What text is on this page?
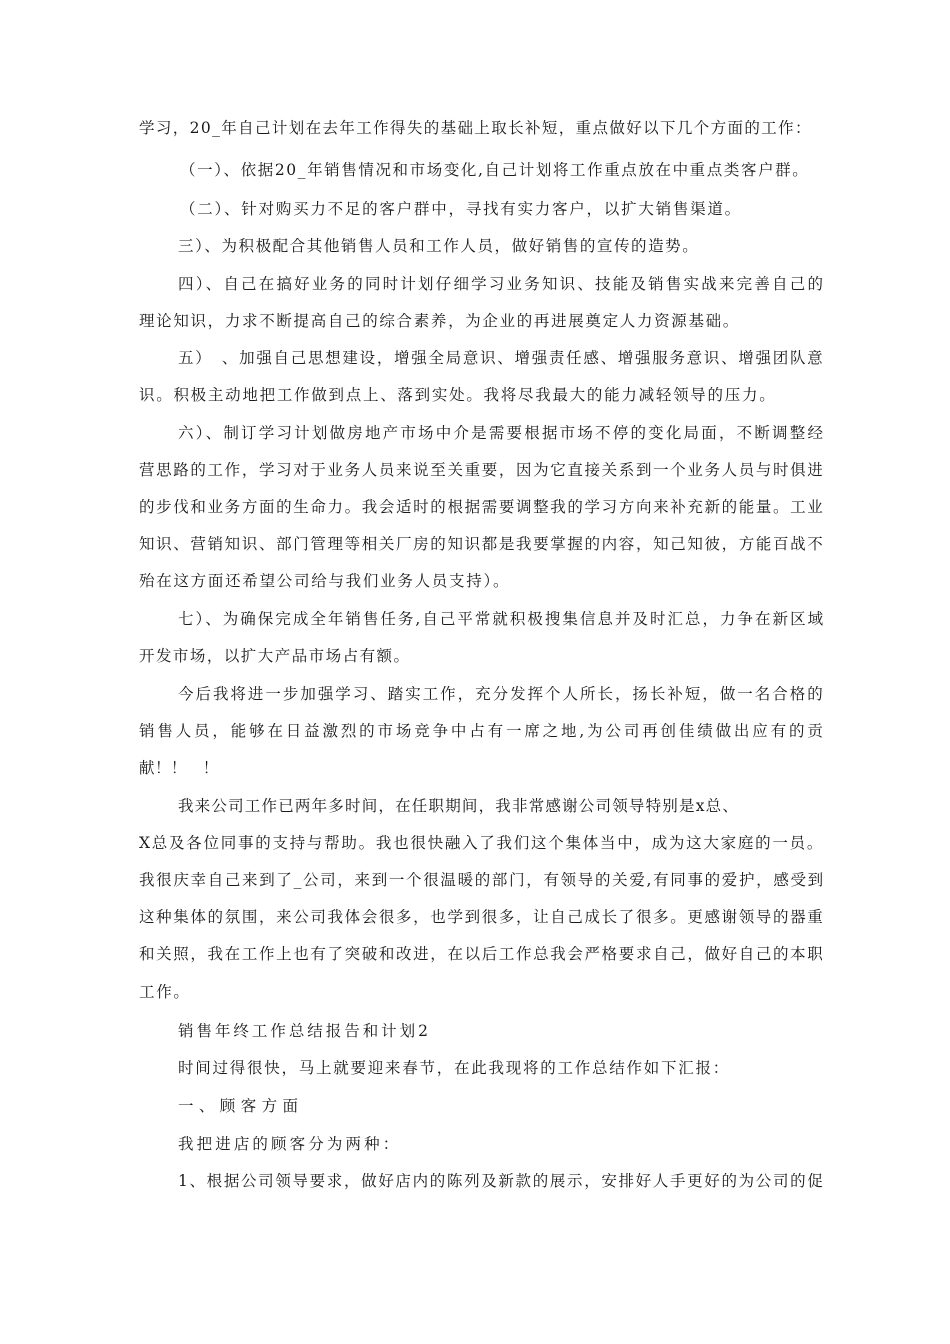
学习，20_年自己计划在去年工作得失的基础上取长补短，重点做好以下几个方面的工作：
（一）、依据20_年销售情况和市场变化,自己计划将工作重点放在中重点类客户群。
（二）、针对购买力不足的客户群中，寻找有实力客户，以扩大销售渠道。
三）、为积极配合其他销售人员和工作人员，做好销售的宣传的造势。
四）、自己在搞好业务的同时计划仔细学习业务知识、技能及销售实战来完善自己的
理论知识，力求不断提高自己的综合素养，为企业的再进展奠定人力资源基础。
五）　、加强自己思想建设，增强全局意识、增强责任感、增强服务意识、增强团队意
识。积极主动地把工作做到点上、落到实处。我将尽我最大的能力减轻领导的压力。
六）、制订学习计划做房地产市场中介是需要根据市场不停的变化局面，不断调整经
营思路的工作，学习对于业务人员来说至关重要，因为它直接关系到一个业务人员与时俱进
的步伐和业务方面的生命力。我会适时的根据需要调整我的学习方向来补充新的能量。工业
知识、营销知识、部门管理等相关厂房的知识都是我要掌握的内容，知己知彼，方能百战不
殆在这方面还希望公司给与我们业务人员支持）。
七）、为确保完成全年销售任务,自己平常就积极搜集信息并及时汇总，力争在新区域
开发市场，以扩大产品市场占有额。
今后我将进一步加强学习、踏实工作，充分发挥个人所长，扬长补短，做一名合格的
销售人员，能够在日益激烈的市场竞争中占有一席之地,为公司再创佳绩做出应有的贡
献！！　！
我来公司工作已两年多时间，在任职期间，我非常感谢公司领导特别是x总、
X总及各位同事的支持与帮助。我也很快融入了我们这个集体当中，成为这大家庭的一员。
我很庆幸自己来到了_公司，来到一个很温暖的部门，有领导的关爱,有同事的爱护，感受到
这种集体的氛围，来公司我体会很多，也学到很多，让自己成长了很多。更感谢领导的器重
和关照，我在工作上也有了突破和改进，在以后工作总我会严格要求自己，做好自己的本职
工作。
销售年终工作总结报告和计划2
时间过得很快，马上就要迎来春节，在此我现将的工作总结作如下汇报：
一、顾客方面
我把进店的顾客分为两种：
1、根据公司领导要求，做好店内的陈列及新款的展示，安排好人手更好的为公司的促
